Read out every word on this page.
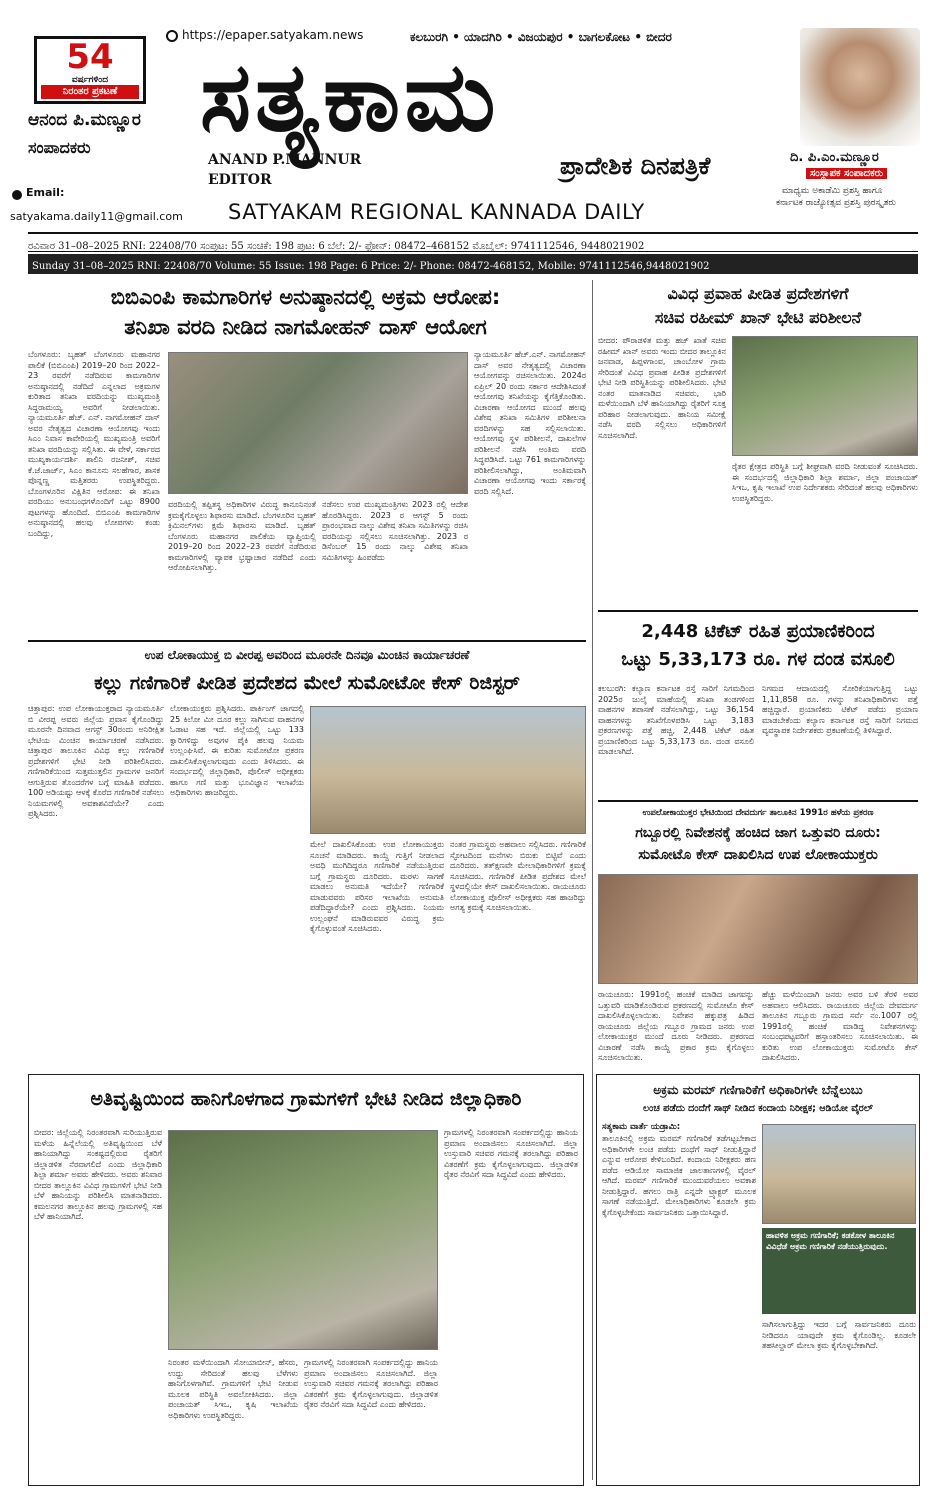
54
ವರ್ಷಗಳಿಂದ
ನಿರಂತರ ಪ್ರಕಟಣೆ
ಆನಂದ ಪಿ.ಮಣ್ಣೂರ
ಸಂಪಾದಕರು
Email:
satyakama.daily11@gmail.com
https://epaper.satyakam.news	ಕಲಬುರಗಿ • ಯಾದಗಿರಿ • ವಿಜಯಪುರ • ಬಾಗಲಕೋಟ • ಬೀದರ
ಸತ್ಯಕಾಮ
ANAND P.MANNUR
EDITOR	ಪ್ರಾದೇಶಿಕ ದಿನಪತ್ರಿಕೆ
SATYAKAM REGIONAL KANNADA DAILY
ದಿ. ಪಿ.ಎಂ.ಮಣ್ಣೂರ
ಸಂಸ್ಥಾಪಕ ಸಂಪಾದಕರು
ಮಾಧ್ಯಮ ಅಕಾಡೆಮಿ ಪ್ರಶಸ್ತಿ ಹಾಗೂ
ಕರ್ನಾಟಕ ರಾಜ್ಯೋತ್ಸವ ಪ್ರಶಸ್ತಿ ಪುರಸ್ಕೃತರು
ರವಿವಾರ 31–08–2025 RNI: 22408/70 ಸಂಪುಟ: 55 ಸಂಚಿಕೆ: 198 ಪುಟ: 6 ಬೆಲೆ: 2/- ಫೋನ್: 08472–468152 ಮೊಬೈಲ್: 9741112546, 9448021902
Sunday 31–08–2025 RNI: 22408/70 Volume: 55 Issue: 198 Page: 6 Price: 2/- Phone: 08472-468152, Mobile: 9741112546,9448021902
ಬಿಬಿಎಂಪಿ ಕಾಮಗಾರಿಗಳ ಅನುಷ್ಠಾನದಲ್ಲಿ ಅಕ್ರಮ ಆರೋಪ:
ತನಿಖಾ ವರದಿ ನೀಡಿದ ನಾಗಮೋಹನ್ ದಾಸ್ ಆಯೋಗ
ಬೆಂಗಳೂರು: ಬೃಹತ್ ಬೆಂಗಳೂರು ಮಹಾನಗರ ಪಾಲಿಕೆ (ಬಿಬಿಎಂಪಿ) 2019–20 ರಿಂದ 2022–23 ರವರೆಗೆ ನಡೆದಿರುವ ಕಾಮಗಾರಿಗಳ ಅನುಷ್ಠಾನದಲ್ಲಿ ನಡೆದಿದೆ ಎನ್ನಲಾದ ಅಕ್ರಮಗಳ ಕುರಿತಾದ ತನಿಖಾ ವರದಿಯನ್ನು ಮುಖ್ಯಮಂತ್ರಿ ಸಿದ್ದರಾಮಯ್ಯ ಅವರಿಗೆ ನೀಡಲಾಯಿತು. ನ್ಯಾಯಮೂರ್ತಿ ಹೆಚ್. ಎನ್. ನಾಗಮೋಹನ್ ದಾಸ್ ಅವರ ನೇತೃತ್ವದ ವಿಚಾರಣಾ ಆಯೋಗವು ಇಂದು ಸಿಎಂ ನಿವಾಸ ಕಾವೇರಿಯಲ್ಲಿ ಮುಖ್ಯಮಂತ್ರಿ ಅವರಿಗೆ ತನಿಖಾ ವರದಿಯನ್ನು ಸಲ್ಲಿಸಿತು. ಈ ವೇಳೆ, ಸರ್ಕಾರದ ಮುಖ್ಯಕಾರ್ಯದರ್ಶಿ ಶಾಲಿನಿ ರಜನೀಶ್, ಸಚಿವ ಕೆ.ಜೆ.ಜಾರ್ಜ್, ಸಿಎಂ ಕಾನೂನು ಸಲಹೆಗಾರ, ಶಾಸಕ ಪೊನ್ನಣ್ಣ ಮತ್ತಿತರರು ಉಪಸ್ಥಿತರಿದ್ದರು. ಬೊಂಗಳೂರಿನ ವಿಕ್ಷಿತಿನ ಆರೋಪ: ಈ ತನಿಖಾ ವರದಿಯು ಅನುಬಂಧಗಳೊಂದಿಗೆ ಒಟ್ಟು 8900 ಪುಟಗಳನ್ನು ಹೊಂದಿದೆ. ಬಿಬಿಎಂಪಿ ಕಾಮಗಾರಿಗಳ ಅನುಷ್ಠಾನದಲ್ಲಿ ಹಲವು ಲೋಪಗಳು ಕಂಡು ಬಂದಿದ್ದು,
ವರದಿಯಲ್ಲಿ ತಪ್ಪಿತಸ್ಥ ಅಧಿಕಾರಿಗಳ ವಿರುದ್ಧ ಕಾನೂನಿನಂತೆ ಕ್ರಮಕೈಗೊಳ್ಳಲು ಶಿಫಾರಸು ಮಾಡಿದೆ. ಬೆಂಗಳೂರಿನ ಬೃಹತ್ ಕ್ರಿಮಿನಲ್‌ಗಳು ಕ್ಷಮೆ ಶಿಫಾರಸು ಮಾಡಿದೆ. ಬೃಹತ್ ಬೆಂಗಳೂರು ಮಹಾನಗರ ಪಾಲಿಕೆಯ ವ್ಯಾಪ್ತಿಯಲ್ಲಿ 2019–20 ರಿಂದ 2022–23 ರವರೆಗೆ ನಡೆದಿರುವ ಕಾಮಗಾರಿಗಳಲ್ಲಿ ವ್ಯಾಪಕ ಭ್ರಷ್ಟಾಚಾರ ನಡೆದಿದೆ ಎಂದು ಆರೋಪಿಸಲಾಗಿತ್ತು.
ನಡೆಸಲು ಉಪ ಮುಖ್ಯಮಂತ್ರಿಗಳು 2023 ರಲ್ಲಿ ಆದೇಶ ಹೊರಡಿಸಿದ್ದರು. 2023 ರ ಆಗಸ್ಟ್ 5 ರಂದು ಪ್ರಾರಂಭವಾದ ನಾಲ್ಕು ವಿಶೇಷ ತನಿಖಾ ಸಮಿತಿಗಳನ್ನು ರಚಿಸಿ ವರದಿಯನ್ನು ಸಲ್ಲಿಸಲು ಸೂಚಿಸಲಾಗಿತ್ತು. 2023 ರ ಡಿಸೆಂಬರ್ 15 ರಂದು ನಾಲ್ಕು ವಿಶೇಷ ತನಿಖಾ ಸಮಿತಿಗಳನ್ನು ಹಿಂಪಡೆದು
ನ್ಯಾಯಮೂರ್ತಿ ಹೆಚ್.ಎನ್. ನಾಗಮೋಹನ್ ದಾಸ್ ಅವರ ನೇತೃತ್ವದಲ್ಲಿ ವಿಚಾರಣಾ ಆಯೋಗವನ್ನು ರಚಿಸಲಾಯಿತು. 2024ರ ಏಪ್ರಿಲ್ 20 ರಂದು ಸರ್ಕಾರ ಆದೇಶಿಸಿದಂತೆ ಆಯೋಗವು ತನಿಖೆಯನ್ನು ಕೈಗೆತ್ತಿಕೊಂಡಿತು. ವಿಚಾರಣಾ ಆಯೋಗದ ಮುಂದೆ ಹಲವು ವಿಶೇಷ ತನಿಖಾ ಸಮಿತಿಗಳ ಪರಿಶೀಲನಾ ವರದಿಗಳನ್ನು ಸಹ ಸಲ್ಲಿಸಲಾಯಿತು. ಆಯೋಗವು ಸ್ಥಳ ಪರಿಶೀಲನೆ, ದಾಖಲೆಗಳ ಪರಿಶೀಲನೆ ನಡೆಸಿ ಅಂತಿಮ ವರದಿ ಸಿದ್ಧಪಡಿಸಿದೆ. ಒಟ್ಟು 761 ಕಾಮಗಾರಿಗಳನ್ನು ಪರಿಶೀಲಿಸಲಾಗಿದ್ದು, ಅಂತಿಮವಾಗಿ ವಿಚಾರಣಾ ಆಯೋಗವು ಇಂದು ಸರ್ಕಾರಕ್ಕೆ ವರದಿ ಸಲ್ಲಿಸಿದೆ.
ವಿವಿಧ ಪ್ರವಾಹ ಪೀಡಿತ ಪ್ರದೇಶಗಳಿಗೆ
ಸಚಿವ ರಹೀಮ್ ಖಾನ್ ಭೇಟಿ ಪರಿಶೀಲನೆ
ಬೀದರ: ಪೌರಾಡಳಿತ ಮತ್ತು ಹಜ್ ಖಾತೆ ಸಚಿವ ರಹೀಮ್ ಖಾನ್ ಅವರು ಇಂದು ಬೀದರ ತಾಲ್ಲೂಕಿನ ಜನವಾಡ, ಹಿಪ್ಪಳಗಾಂವ, ಚಾಂಬೋಳ ಗ್ರಾಮ ಸೇರಿದಂತೆ ವಿವಿಧ ಪ್ರವಾಹ ಪೀಡಿತ ಪ್ರದೇಶಗಳಿಗೆ ಭೇಟಿ ನೀಡಿ ಪರಿಸ್ಥಿತಿಯನ್ನು ಪರಿಶೀಲಿಸಿದರು. ಭೇಟಿ ನಂತರ ಮಾತನಾಡಿದ ಸಚಿವರು, ಭಾರಿ ಮಳೆಯಿಂದಾಗಿ ಬೆಳೆ ಹಾನಿಯಾಗಿದ್ದು ರೈತರಿಗೆ ಸೂಕ್ತ ಪರಿಹಾರ ನೀಡಲಾಗುವುದು. ಹಾನಿಯ ಸಮೀಕ್ಷೆ ನಡೆಸಿ ವರದಿ ಸಲ್ಲಿಸಲು ಅಧಿಕಾರಿಗಳಿಗೆ ಸೂಚಿಸಲಾಗಿದೆ.
ರೈತರ ಕ್ಷೇತ್ರದ ಪರಿಸ್ಥಿತಿ ಬಗ್ಗೆ ಶೀಘ್ರವಾಗಿ ವರದಿ ನೀಡುವಂತೆ ಸೂಚಿಸಿದರು. ಈ ಸಂದರ್ಭದಲ್ಲಿ ಜಿಲ್ಲಾಧಿಕಾರಿ ಶಿಲ್ಪಾ ಶರ್ಮಾ, ಜಿಲ್ಲಾ ಪಂಚಾಯತ್ ಸಿಇಒ, ಕೃಷಿ ಇಲಾಖೆ ಉಪ ನಿರ್ದೇಶಕರು ಸೇರಿದಂತೆ ಹಲವು ಅಧಿಕಾರಿಗಳು ಉಪಸ್ಥಿತರಿದ್ದರು.
2,448 ಟಿಕೆಟ್ ರಹಿತ ಪ್ರಯಾಣಿಕರಿಂದ
ಒಟ್ಟು 5,33,173 ರೂ. ಗಳ ದಂಡ ವಸೂಲಿ
ಕಲಬುರಗಿ: ಕಲ್ಯಾಣ ಕರ್ನಾಟಕ ರಸ್ತೆ ಸಾರಿಗೆ ನಿಗಮದಿಂದ 2025ರ ಜುಲೈ ಮಾಹೆಯಲ್ಲಿ ತನಿಖಾ ತಂಡಗಳಿಂದ ವಾಹನಗಳ ತಪಾಸಣೆ ನಡೆಸಲಾಗಿದ್ದು, ಒಟ್ಟು 36,154 ವಾಹನಗಳನ್ನು ತನಿಖೆಗೊಳಪಡಿಸಿ ಒಟ್ಟು 3,183 ಪ್ರಕರಣಗಳನ್ನು ಪತ್ತೆ ಹಚ್ಚಿ, 2,448 ಟಿಕೆಟ್ ರಹಿತ ಪ್ರಯಾಣಿಕರಿಂದ ಒಟ್ಟು 5,33,173 ರೂ. ದಂಡ ವಸೂಲಿ ಮಾಡಲಾಗಿದೆ.
ನಿಗಮದ ಆದಾಯದಲ್ಲಿ ಸೋರಿಕೆಯಾಗುತ್ತಿದ್ದ ಒಟ್ಟು 1,11,858 ರೂ. ಗಳನ್ನು ತನಿಖಾಧಿಕಾರಿಗಳು ಪತ್ತೆ ಹಚ್ಚಿದ್ದಾರೆ. ಪ್ರಯಾಣಿಕರು ಟಿಕೆಟ್ ಪಡೆದು ಪ್ರಯಾಣ ಮಾಡಬೇಕೆಂದು ಕಲ್ಯಾಣ ಕರ್ನಾಟಕ ರಸ್ತೆ ಸಾರಿಗೆ ನಿಗಮದ ವ್ಯವಸ್ಥಾಪಕ ನಿರ್ದೇಶಕರು ಪ್ರಕಟಣೆಯಲ್ಲಿ ತಿಳಿಸಿದ್ದಾರೆ.
ಉಪ ಲೋಕಾಯುಕ್ತ ಬಿ ವೀರಪ್ಪ ಅವರಿಂದ ಮೂರನೇ ದಿನವೂ ಮಿಂಚಿನ ಕಾರ್ಯಾಚರಣೆ
ಕಲ್ಲು ಗಣಿಗಾರಿಕೆ ಪೀಡಿತ ಪ್ರದೇಶದ ಮೇಲೆ ಸುಮೋಟೋ ಕೇಸ್ ರಿಜಿಸ್ಟರ್
ಚಿತ್ತಾಪುರ: ಉಪ ಲೋಕಾಯುಕ್ತರಾದ ನ್ಯಾಯಮೂರ್ತಿ ಬಿ ವೀರಪ್ಪ ಅವರು ಜಿಲ್ಲೆಯ ಪ್ರವಾಸ ಕೈಗೊಂಡಿದ್ದು ಮೂರನೇ ದಿನವಾದ ಆಗಸ್ಟ್ 30ರಂದು ಅನಿರೀಕ್ಷಿತ ಭೇಟಿಯ ಮಿಂಚಿನ ಕಾರ್ಯಾಚರಣೆ ನಡೆಸಿದರು. ಚಿತ್ತಾಪುರ ತಾಲೂಕಿನ ವಿವಿಧ ಕಲ್ಲು ಗಣಿಗಾರಿಕೆ ಪ್ರದೇಶಗಳಿಗೆ ಭೇಟಿ ನೀಡಿ ಪರಿಶೀಲಿಸಿದರು. ಗಣಿಗಾರಿಕೆಯಿಂದ ಸುತ್ತಮುತ್ತಲಿನ ಗ್ರಾಮಗಳ ಜನರಿಗೆ ಆಗುತ್ತಿರುವ ತೊಂದರೆಗಳ ಬಗ್ಗೆ ಮಾಹಿತಿ ಪಡೆದರು. 100 ಅಡಿಯಷ್ಟು ಆಳಕ್ಕೆ ಕೊರೆದ ಗಣಿಗಾರಿಕೆ ನಡೆಸಲು ನಿಯಮಗಳಲ್ಲಿ ಅವಕಾಶವಿದೆಯೇ? ಎಂದು ಪ್ರಶ್ನಿಸಿದರು.
ಲೋಕಾಯುಕ್ತರು ಪ್ರಶ್ನಿಸಿದರು. ಪಾರ್ಕಿಂಗ್ ಜಾಗದಲ್ಲಿ 25 ಕಿಲೋ ಮೀ ದೂರ ಕಲ್ಲು ಸಾಗಿಸುವ ವಾಹನಗಳ ಓಡಾಟ ಸಹ ಇದೆ. ಜಿಲ್ಲೆಯಲ್ಲಿ ಒಟ್ಟು 133 ಕ್ವಾರಿಗಳಿದ್ದು ಅವುಗಳ ಪೈಕಿ ಹಲವು ನಿಯಮ ಉಲ್ಲಂಘಿಸಿವೆ. ಈ ಕುರಿತು ಸುಮೋಟೋ ಪ್ರಕರಣ ದಾಖಲಿಸಿಕೊಳ್ಳಲಾಗುವುದು ಎಂದು ತಿಳಿಸಿದರು. ಈ ಸಂದರ್ಭದಲ್ಲಿ ಜಿಲ್ಲಾಧಿಕಾರಿ, ಪೊಲೀಸ್ ಅಧೀಕ್ಷಕರು ಹಾಗೂ ಗಣಿ ಮತ್ತು ಭೂವಿಜ್ಞಾನ ಇಲಾಖೆಯ ಅಧಿಕಾರಿಗಳು ಹಾಜರಿದ್ದರು.
ಮೇಲೆ ದಾಖಲಿಸಿಕೊಂಡು ಉಪ ಲೋಕಾಯುಕ್ತರು ಸೂಚನೆ ಮಾಡಿದರು. ಕಾಯ್ದೆ ಗುತ್ತಿಗೆ ನೀಡಲಾದ ಅವಧಿ ಮುಗಿದಿದ್ದರೂ ಗಣಿಗಾರಿಕೆ ನಡೆಯುತ್ತಿರುವ ಬಗ್ಗೆ ಗ್ರಾಮಸ್ಥರು ದೂರಿದರು. ಮರಳು ಸಾಗಣೆ ಮಾಡಲು ಅನುಮತಿ ಇದೆಯೇ? ಗಣಿಗಾರಿಕೆ ಮಾಡುವವರು ಪರಿಸರ ಇಲಾಖೆಯ ಅನುಮತಿ ಪಡೆದಿದ್ದಾರೆಯೇ? ಎಂದು ಪ್ರಶ್ನಿಸಿದರು. ನಿಯಮ ಉಲ್ಲಂಘನೆ ಮಾಡಿರುವವರ ವಿರುದ್ಧ ಕ್ರಮ ಕೈಗೊಳ್ಳುವಂತೆ ಸೂಚಿಸಿದರು.
ನಂತರ ಗ್ರಾಮಸ್ಥರು ಅಹವಾಲು ಸಲ್ಲಿಸಿದರು. ಗಣಿಗಾರಿಕೆ ಸ್ಫೋಟದಿಂದ ಮನೆಗಳು ಬಿರುಕು ಬಿಟ್ಟಿವೆ ಎಂದು ದೂರಿದರು. ತತ್‌ಕ್ಷಣವೇ ಮೇಲಾಧಿಕಾರಿಗಳಿಗೆ ಕ್ರಮಕ್ಕೆ ಸೂಚಿಸಿದರು. ಗಣಿಗಾರಿಕೆ ಪೀಡಿತ ಪ್ರದೇಶದ ಮೇಲೆ ಸ್ಥಳದಲ್ಲಿಯೇ ಕೇಸ್ ದಾಖಲಿಸಲಾಯಿತು. ರಾಯಚೂರು ಲೋಕಾಯುಕ್ತ ಪೊಲೀಸ್ ಅಧೀಕ್ಷಕರು ಸಹ ಹಾಜರಿದ್ದು ಅಗತ್ಯ ಕ್ರಮಕ್ಕೆ ಸೂಚಿಸಲಾಯಿತು.
ಉಪಲೋಕಾಯುಕ್ತರ ಭೇಟಿಯಿಂದ ದೇವದುರ್ಗ ತಾಲೂಕಿನ 1991ರ ಹಳೆಯ ಪ್ರಕರಣ
ಗಬ್ಬೂರಲ್ಲಿ ನಿವೇಶನಕ್ಕೆ ಹಂಚಿದ ಜಾಗ ಒತ್ತುವರಿ ದೂರು:
ಸುಮೋಟೊ ಕೇಸ್ ದಾಖಲಿಸಿದ ಉಪ ಲೋಕಾಯುಕ್ತರು
ರಾಯಚೂರು: 1991ರಲ್ಲಿ ಹಂಚಿಕೆ ಮಾಡಿದ ಜಾಗವನ್ನು ಒತ್ತುವರಿ ಮಾಡಿಕೊಂಡಿರುವ ಪ್ರಕರಣದಲ್ಲಿ ಸುಮೋಟೊ ಕೇಸ್ ದಾಖಲಿಸಿಕೊಳ್ಳಲಾಯಿತು. ನಿವೇಶನ ಹಕ್ಕುಪತ್ರ ಹಿಡಿದ ರಾಯಚೂರು ಜಿಲ್ಲೆಯ ಗಬ್ಬೂರ ಗ್ರಾಮದ ಜನರು ಉಪ ಲೋಕಾಯುಕ್ತರ ಮುಂದೆ ದೂರು ನೀಡಿದರು. ಪ್ರಕರಣದ ವಿಚಾರಣೆ ನಡೆಸಿ ಕಾಯ್ದೆ ಪ್ರಕಾರ ಕ್ರಮ ಕೈಗೊಳ್ಳಲು ಸೂಚಿಸಲಾಯಿತು.
ಹೆಚ್ಚು ಮಳೆಯಿಂದಾಗಿ ಜನರು ಅವರ ಬಳಿ ತೆರಳಿ ಅವರ ಅಹವಾಲು ಆಲಿಸಿದರು. ರಾಯಚೂರು ಜಿಲ್ಲೆಯ ದೇವದುರ್ಗ ತಾಲೂಕಿನ ಗಬ್ಬೂರು ಗ್ರಾಮದ ಸರ್ವೆ ನಂ.1007 ರಲ್ಲಿ 1991ರಲ್ಲಿ ಹಂಚಿಕೆ ಮಾಡಿದ್ದ ನಿವೇಶನಗಳನ್ನು ಸಂಬಂಧಪಟ್ಟವರಿಗೆ ಹಸ್ತಾಂತರಿಸಲು ಸೂಚಿಸಲಾಯಿತು. ಈ ಕುರಿತು ಉಪ ಲೋಕಾಯುಕ್ತರು ಸುಮೋಟೊ ಕೇಸ್ ದಾಖಲಿಸಿದರು.
ಅತಿವೃಷ್ಟಿಯಿಂದ ಹಾನಿಗೊಳಗಾದ ಗ್ರಾಮಗಳಿಗೆ ಭೇಟಿ ನೀಡಿದ ಜಿಲ್ಲಾಧಿಕಾರಿ
ಬೀದರ: ಜಿಲ್ಲೆಯಲ್ಲಿ ನಿರಂತರವಾಗಿ ಸುರಿಯುತ್ತಿರುವ ಮಳೆಯ ಹಿನ್ನೆಲೆಯಲ್ಲಿ ಅತಿವೃಷ್ಟಿಯಿಂದ ಬೆಳೆ ಹಾನಿಯಾಗಿದ್ದು ಸಂಕಷ್ಟದಲ್ಲಿರುವ ರೈತರಿಗೆ ಜಿಲ್ಲಾಡಳಿತ ನೆರವಾಗಲಿದೆ ಎಂದು ಜಿಲ್ಲಾಧಿಕಾರಿ ಶಿಲ್ಪಾ ಶರ್ಮಾ ಅವರು ಹೇಳಿದರು. ಅವರು ಶನಿವಾರ ಬೀದರ ತಾಲ್ಲೂಕಿನ ವಿವಿಧ ಗ್ರಾಮಗಳಿಗೆ ಭೇಟಿ ನೀಡಿ ಬೆಳೆ ಹಾನಿಯನ್ನು ಪರಿಶೀಲಿಸಿ ಮಾತನಾಡಿದರು. ಕಮಲನಗರ ತಾಲ್ಲೂಕಿನ ಹಲವು ಗ್ರಾಮಗಳಲ್ಲಿ ಸಹ ಬೆಳೆ ಹಾನಿಯಾಗಿದೆ.
ನಿರಂತರ ಮಳೆಯಿಂದಾಗಿ ಸೋಯಾಬೀನ್, ಹೆಸರು, ಉದ್ದು ಸೇರಿದಂತೆ ಹಲವು ಬೆಳೆಗಳು ಹಾನಿಗೊಳಗಾಗಿವೆ. ಗ್ರಾಮಗಳಿಗೆ ಭೇಟಿ ನೀಡುವ ಮೂಲಕ ಪರಿಸ್ಥಿತಿ ಅವಲೋಕಿಸಿದರು. ಜಿಲ್ಲಾ ಪಂಚಾಯತ್ ಸಿಇಒ, ಕೃಷಿ ಇಲಾಖೆಯ ಅಧಿಕಾರಿಗಳು ಉಪಸ್ಥಿತರಿದ್ದರು.
ಗ್ರಾಮಗಳಲ್ಲಿ ನಿರಂತರವಾಗಿ ಸಂಪರ್ಕದಲ್ಲಿದ್ದು ಹಾನಿಯ ಪ್ರಮಾಣ ಅಂದಾಜಿಸಲು ಸೂಚಿಸಲಾಗಿದೆ. ಜಿಲ್ಲಾ ಉಸ್ತುವಾರಿ ಸಚಿವರ ಗಮನಕ್ಕೆ ತರಲಾಗಿದ್ದು ಪರಿಹಾರ ವಿತರಣೆಗೆ ಕ್ರಮ ಕೈಗೊಳ್ಳಲಾಗುವುದು. ಜಿಲ್ಲಾಡಳಿತ ರೈತರ ನೆರವಿಗೆ ಸದಾ ಸಿದ್ಧವಿದೆ ಎಂದು ಹೇಳಿದರು.
ಗ್ರಾಮಗಳಲ್ಲಿ ನಿರಂತರವಾಗಿ ಸಂಪರ್ಕದಲ್ಲಿದ್ದು ಹಾನಿಯ ಪ್ರಮಾಣ ಅಂದಾಜಿಸಲು ಸೂಚಿಸಲಾಗಿದೆ. ಜಿಲ್ಲಾ ಉಸ್ತುವಾರಿ ಸಚಿವರ ಗಮನಕ್ಕೆ ತರಲಾಗಿದ್ದು ಪರಿಹಾರ ವಿತರಣೆಗೆ ಕ್ರಮ ಕೈಗೊಳ್ಳಲಾಗುವುದು. ಜಿಲ್ಲಾಡಳಿತ ರೈತರ ನೆರವಿಗೆ ಸದಾ ಸಿದ್ಧವಿದೆ ಎಂದು ಹೇಳಿದರು.
ಅಕ್ರಮ ಮರಮ್ ಗಣಿಗಾರಿಕೆಗೆ ಅಧಿಕಾರಿಗಳೇ ಬೆನ್ನೆಲುಬು
ಲಂಚ ಪಡೆದು ದಂದೆಗೆ ಸಾಥ್ ನೀಡಿದ ಕಂದಾಯ ನಿರೀಕ್ಷಕ; ಆಡಿಯೋ ವೈರಲ್
ಸತ್ಯಕಾಮ ವಾರ್ತೆ ಯಡ್ರಾಮಿ:
ತಾಲೂಕಿನಲ್ಲಿ ಅಕ್ರಮ ಮರಮ್ ಗಣಿಗಾರಿಕೆ ತಡೆಗಟ್ಟಬೇಕಾದ ಅಧಿಕಾರಿಗಳೇ ಲಂಚ ಪಡೆದು ದಂಧೆಗೆ ಸಾಥ್ ನೀಡುತ್ತಿದ್ದಾರೆ ಎನ್ನುವ ಆರೋಪ ಕೇಳಿಬಂದಿದೆ. ಕಂದಾಯ ನಿರೀಕ್ಷಕರು ಹಣ ಪಡೆದ ಆಡಿಯೋ ಸಾಮಾಜಿಕ ಜಾಲತಾಣಗಳಲ್ಲಿ ವೈರಲ್ ಆಗಿದೆ. ಮರಮ್ ಗಣಿಗಾರಿಕೆ ಮುಂದುವರೆಯಲು ಅವಕಾಶ ನೀಡುತ್ತಿದ್ದಾರೆ. ಹಗಲು ರಾತ್ರಿ ಎನ್ನದೇ ಟ್ರ್ಯಾಕ್ಟರ್ ಮೂಲಕ ಸಾಗಣೆ ನಡೆಯುತ್ತಿದೆ. ಮೇಲಾಧಿಕಾರಿಗಳು ಕೂಡಲೇ ಕ್ರಮ ಕೈಗೊಳ್ಳಬೇಕೆಂದು ಸಾರ್ವಜನಿಕರು ಒತ್ತಾಯಿಸಿದ್ದಾರೆ.
ಹಾವಳಿತ ಅಕ್ರಮ ಗಣಿಗಾರಿಕೆ; ಕಡಕೋಳ ತಾಲೂಕಿನ ವಿವಿಧೆಡೆ ಅಕ್ರಮ ಗಣಿಗಾರಿಕೆ ನಡೆಯುತ್ತಿರುವುದು.
ಸಾಗಿಸಲಾಗುತ್ತಿದ್ದು ಇದರ ಬಗ್ಗೆ ಸಾರ್ವಜನಿಕರು ದೂರು ನೀಡಿದರೂ ಯಾವುದೇ ಕ್ರಮ ಕೈಗೊಂಡಿಲ್ಲ. ಕೂಡಲೇ ತಹಸೀಲ್ದಾರ್ ಮೇಲಾ ಕ್ರಮ ಕೈಗೊಳ್ಳಬೇಕಾಗಿದೆ.
